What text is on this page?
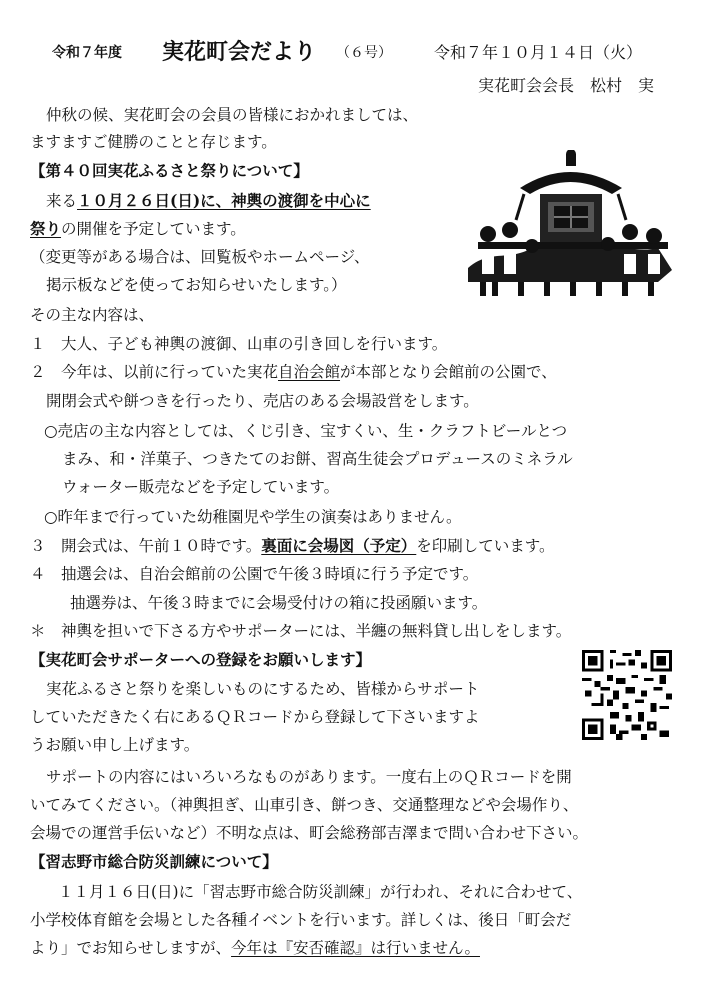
令和７年度 実花町会だより （６号）	令和７年１０月１４日（火）
実花町会会長　松村　実
仲秋の候、実花町会の会員の皆様におかれましては、
ますますご健勝のことと存じます。
【第４０回実花ふるさと祭りについて】
来る１０月２６日(日)に、神輿の渡御を中心に
祭りの開催を予定しています。
（変更等がある場合は、回覧板やホームページ、
掲示板などを使ってお知らせいたします。）
その主な内容は、
１　大人、子ども神輿の渡御、山車の引き回しを行います。
２　今年は、以前に行っていた実花自治会館が本部となり会館前の公園で、
開閉会式や餅つきを行ったり、売店のある会場設営をします。
○売店の主な内容としては、くじ引き、宝すくい、生・クラフトビールとつ
まみ、和・洋菓子、つきたてのお餅、習高生徒会プロデュースのミネラル
ウォーター販売などを予定しています。
○昨年まで行っていた幼稚園児や学生の演奏はありません。
３　開会式は、午前１０時です。裏面に会場図（予定）を印刷しています。
４　抽選会は、自治会館前の公園で午後３時頃に行う予定です。
抽選券は、午後３時までに会場受付けの箱に投函願います。
＊　神輿を担いで下さる方やサポーターには、半纏の無料貸し出しをします。
【実花町会サポーターへの登録をお願いします】
実花ふるさと祭りを楽しいものにするため、皆様からサポート
していただきたく右にあるＱＲコードから登録して下さいますよ
うお願い申し上げます。
サポートの内容にはいろいろなものがあります。一度右上のＱＲコードを開
いてみてください。（神輿担ぎ、山車引き、餅つき、交通整理などや会場作り、
会場での運営手伝いなど）不明な点は、町会総務部吉澤まで問い合わせ下さい。
【習志野市総合防災訓練について】
１１月１６日(日)に「習志野市総合防災訓練」が行われ、それに合わせて、
小学校体育館を会場とした各種イベントを行います。詳しくは、後日「町会だ
より」でお知らせしますが、今年は『安否確認』は行いません。
